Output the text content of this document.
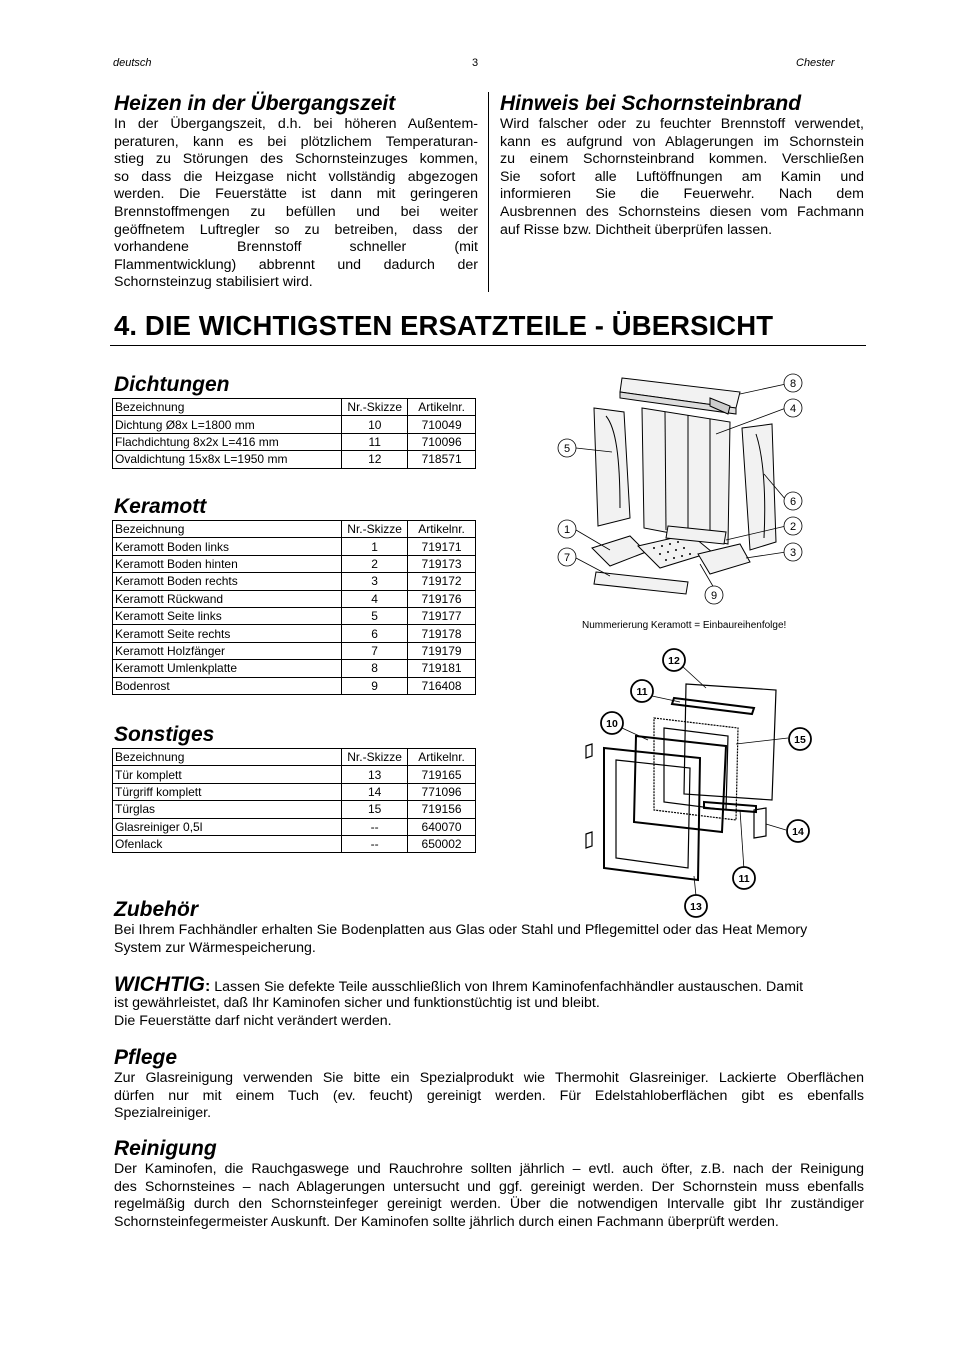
deutsch	3	Chester
Heizen in der Übergangszeit
In der Übergangszeit, d.h. bei höheren Außentem-
peraturen, kann es bei plötzlichem Temperaturan-
stieg zu Störungen des Schornsteinzuges kommen,
so dass die Heizgase nicht vollständig abgezogen
werden. Die Feuerstätte ist dann mit geringeren
Brennstoffmengen zu befüllen und bei weiter
geöffnetem Luftregler so zu betreiben, dass der
vorhandene Brennstoff schneller (mit
Flammentwicklung) abbrennt und dadurch der
Schornsteinzug stabilisiert wird.
Hinweis bei Schornsteinbrand
Wird falscher oder zu feuchter Brennstoff verwendet,
kann es aufgrund von Ablagerungen im Schornstein
zu einem Schornsteinbrand kommen. Verschließen
Sie sofort alle Luftöffnungen am Kamin und
informieren Sie die Feuerwehr. Nach dem
Ausbrennen des Schornsteins diesen vom Fachmann
auf Risse bzw. Dichtheit überprüfen lassen.
4. DIE WICHTIGSTEN ERSATZTEILE - ÜBERSICHT
Dichtungen
Bezeichnung	Nr.-Skizze	Artikelnr.
Dichtung Ø8x L=1800 mm	10	710049
Flachdichtung 8x2x L=416 mm	11	710096
Ovaldichtung 15x8x L=1950 mm	12	718571
Keramott
Bezeichnung	Nr.-Skizze	Artikelnr.
Keramott Boden links	1	719171
Keramott Boden hinten	2	719173
Keramott Boden rechts	3	719172
Keramott Rückwand	4	719176
Keramott Seite links	5	719177
Keramott Seite rechts	6	719178
Keramott Holzfänger	7	719179
Keramott Umlenkplatte	8	719181
Bodenrost	9	716408
Sonstiges
Bezeichnung	Nr.-Skizze	Artikelnr.
Tür komplett	13	719165
Türgriff komplett	14	771096
Türglas	15	719156
Glasreiniger 0,5l	--	640070
Ofenlack	--	650002
8
4
5
6
1	2
7	3
9
Nummerierung Keramott = Einbaureihenfolge!
12
11
10
15
14
11
13
Zubehör
Bei Ihrem Fachhändler erhalten Sie Bodenplatten aus Glas oder Stahl und Pflegemittel oder das Heat Memory
System zur Wärmespeicherung.
WICHTIG: Lassen Sie defekte Teile ausschließlich von Ihrem Kaminofenfachhändler austauschen. Damit
ist gewährleistet, daß Ihr Kaminofen sicher und funktionstüchtig ist und bleibt.
Die Feuerstätte darf nicht verändert werden.
Pflege
Zur Glasreinigung verwenden Sie bitte ein Spezialprodukt wie Thermohit Glasreiniger. Lackierte Oberflächen
dürfen nur mit einem Tuch (ev. feucht) gereinigt werden. Für Edelstahloberflächen gibt es ebenfalls
Spezialreiniger.
Reinigung
Der Kaminofen, die Rauchgaswege und Rauchrohre sollten jährlich – evtl. auch öfter, z.B. nach der Reinigung
des Schornsteines – nach Ablagerungen untersucht und ggf. gereinigt werden. Der Schornstein muss ebenfalls
regelmäßig durch den Schornsteinfeger gereinigt werden. Über die notwendigen Intervalle gibt Ihr zuständiger
Schornsteinfegermeister Auskunft. Der Kaminofen sollte jährlich durch einen Fachmann überprüft werden.
